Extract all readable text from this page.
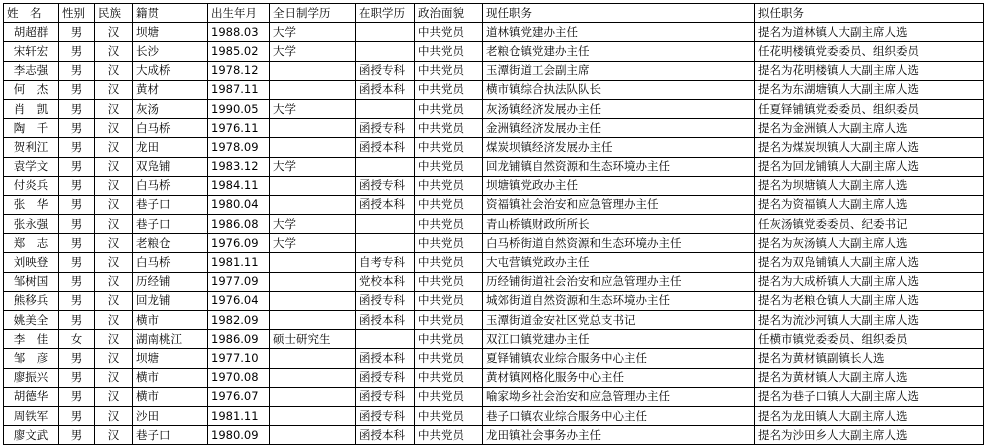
姓　名	性别	民族	籍贯	出生年月	全日制学历	在职学历	政治面貌	现任职务	拟任职务
胡超群	男	汉	坝塘	1988.03	大学		中共党员	道林镇党建办主任	提名为道林镇人大副主席人选
宋轩宏	男	汉	长沙	1985.02	大学		中共党员	老粮仓镇党建办主任	任花明楼镇党委委员、组织委员
李志强	男	汉	大成桥	1978.12		函授专科	中共党员	玉潭街道工会副主席	提名为花明楼镇人大副主席人选
何　杰	男	汉	黄材	1987.11		函授本科	中共党员	横市镇综合执法队队长	提名为东湖塘镇人大副主席人选
肖　凯	男	汉	灰汤	1990.05	大学		中共党员	灰汤镇经济发展办主任	任夏铎铺镇党委委员、组织委员
陶　千	男	汉	白马桥	1976.11		函授专科	中共党员	金洲镇经济发展办主任	提名为金洲镇人大副主席人选
贺利江	男	汉	龙田	1978.09		函授本科	中共党员	煤炭坝镇经济发展办主任	提名为煤炭坝镇人大副主席人选
袁学文	男	汉	双凫铺	1983.12	大学		中共党员	回龙铺镇自然资源和生态环境办主任	提名为回龙铺镇人大副主席人选
付炎兵	男	汉	白马桥	1984.11		函授专科	中共党员	坝塘镇党政办主任	提名为坝塘镇人大副主席人选
张　华	男	汉	巷子口	1980.04		函授本科	中共党员	资福镇社会治安和应急管理办主任	提名为资福镇人大副主席人选
张永强	男	汉	巷子口	1986.08	大学		中共党员	青山桥镇财政所所长	任灰汤镇党委委员、纪委书记
郑　志	男	汉	老粮仓	1976.09	大学		中共党员	白马桥街道自然资源和生态环境办主任	提名为灰汤镇人大副主席人选
刘映登	男	汉	白马桥	1981.11		自考专科	中共党员	大屯营镇党政办主任	提名为双凫铺镇人大副主席人选
邹树国	男	汉	历经铺	1977.09		党校本科	中共党员	历经铺街道社会治安和应急管理办主任	提名为大成桥镇人大副主席人选
熊移兵	男	汉	回龙铺	1976.04		函授专科	中共党员	城郊街道自然资源和生态环境办主任	提名为老粮仓镇人大副主席人选
姚美全	男	汉	横市	1982.09		函授本科	中共党员	玉潭街道金安社区党总支书记	提名为流沙河镇人大副主席人选
李　佳	女	汉	湖南桃江	1986.09	硕士研究生		中共党员	双江口镇党建办主任	任横市镇党委委员、组织委员
邹　彦	男	汉	坝塘	1977.10		函授本科	中共党员	夏铎铺镇农业综合服务中心主任	提名为黄材镇副镇长人选
廖振兴	男	汉	横市	1970.08		函授专科	中共党员	黄材镇网格化服务中心主任	提名为黄材镇人大副主席人选
胡德华	男	汉	横市	1976.07		函授专科	中共党员	喻家坳乡社会治安和应急管理办主任	提名为巷子口镇人大副主席人选
周铁军	男	汉	沙田	1981.11		函授专科	中共党员	巷子口镇农业综合服务中心主任	提名为龙田镇人大副主席人选
廖文武	男	汉	巷子口	1980.09		函授本科	中共党员	龙田镇社会事务办主任	提名为沙田乡人大副主席人选
